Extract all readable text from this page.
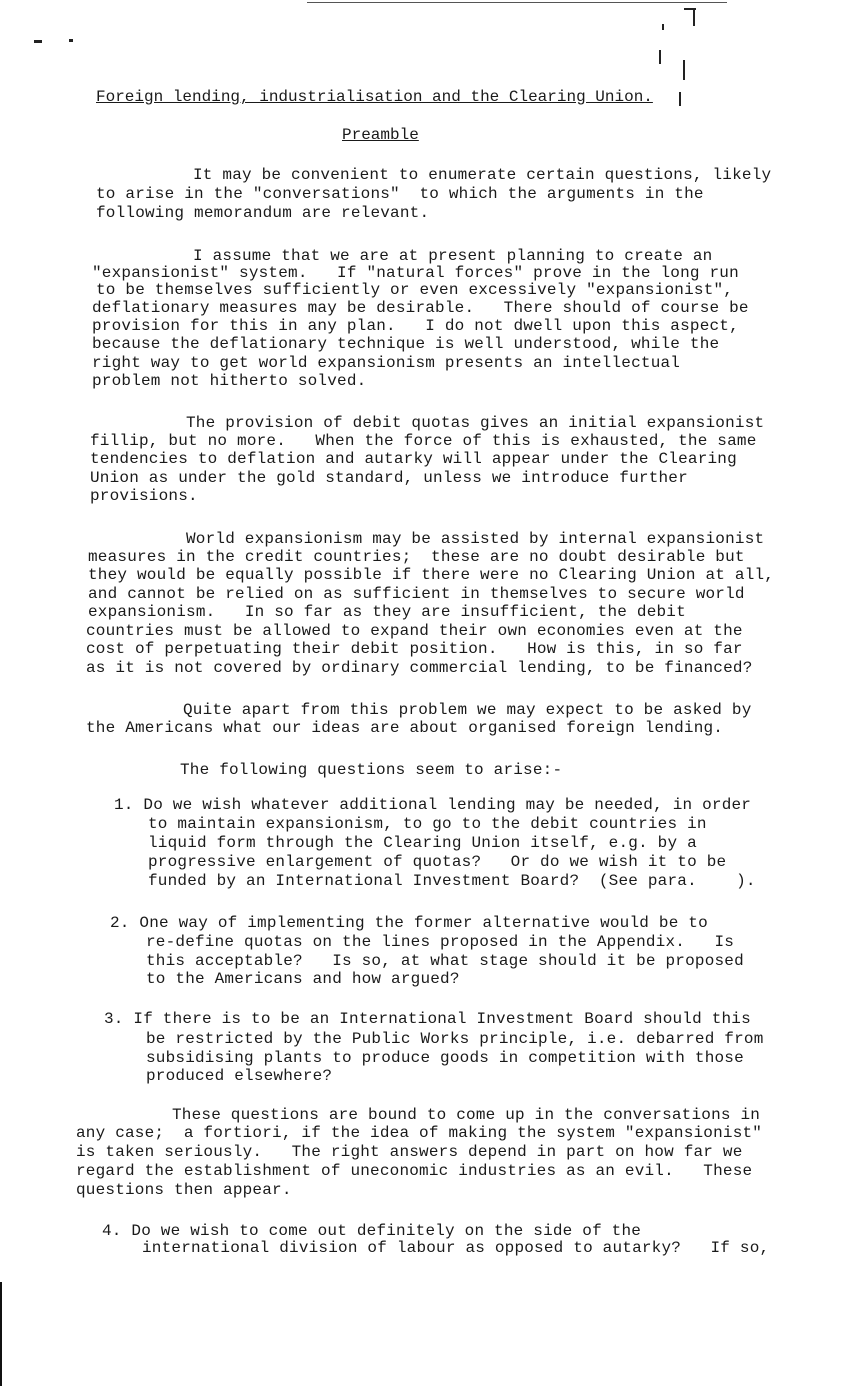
Foreign lending, industrialisation and the Clearing Union.
Preamble
It may be convenient to enumerate certain questions, likely
to arise in the "conversations"  to which the arguments in the
following memorandum are relevant.
I assume that we are at present planning to create an
"expansionist" system.   If "natural forces" prove in the long run
to be themselves sufficiently or even excessively "expansionist",
deflationary measures may be desirable.   There should of course be
provision for this in any plan.   I do not dwell upon this aspect,
because the deflationary technique is well understood, while the
right way to get world expansionism presents an intellectual
problem not hitherto solved.
The provision of debit quotas gives an initial expansionist
fillip, but no more.   When the force of this is exhausted, the same
tendencies to deflation and autarky will appear under the Clearing
Union as under the gold standard, unless we introduce further
provisions.
World expansionism may be assisted by internal expansionist
measures in the credit countries;  these are no doubt desirable but
they would be equally possible if there were no Clearing Union at all,
and cannot be relied on as sufficient in themselves to secure world
expansionism.   In so far as they are insufficient, the debit
countries must be allowed to expand their own economies even at the
cost of perpetuating their debit position.   How is this, in so far
as it is not covered by ordinary commercial lending, to be financed?
Quite apart from this problem we may expect to be asked by
the Americans what our ideas are about organised foreign lending.
The following questions seem to arise:-
1. Do we wish whatever additional lending may be needed, in order
to maintain expansionism, to go to the debit countries in
liquid form through the Clearing Union itself, e.g. by a
progressive enlargement of quotas?   Or do we wish it to be
funded by an International Investment Board?  (See para.    ).
2. One way of implementing the former alternative would be to
re-define quotas on the lines proposed in the Appendix.   Is
this acceptable?   Is so, at what stage should it be proposed
to the Americans and how argued?
3. If there is to be an International Investment Board should this
be restricted by the Public Works principle, i.e. debarred from
subsidising plants to produce goods in competition with those
produced elsewhere?
These questions are bound to come up in the conversations in
any case;  a fortiori, if the idea of making the system "expansionist"
is taken seriously.   The right answers depend in part on how far we
regard the establishment of uneconomic industries as an evil.   These
questions then appear.
4. Do we wish to come out definitely on the side of the
international division of labour as opposed to autarky?   If so,
